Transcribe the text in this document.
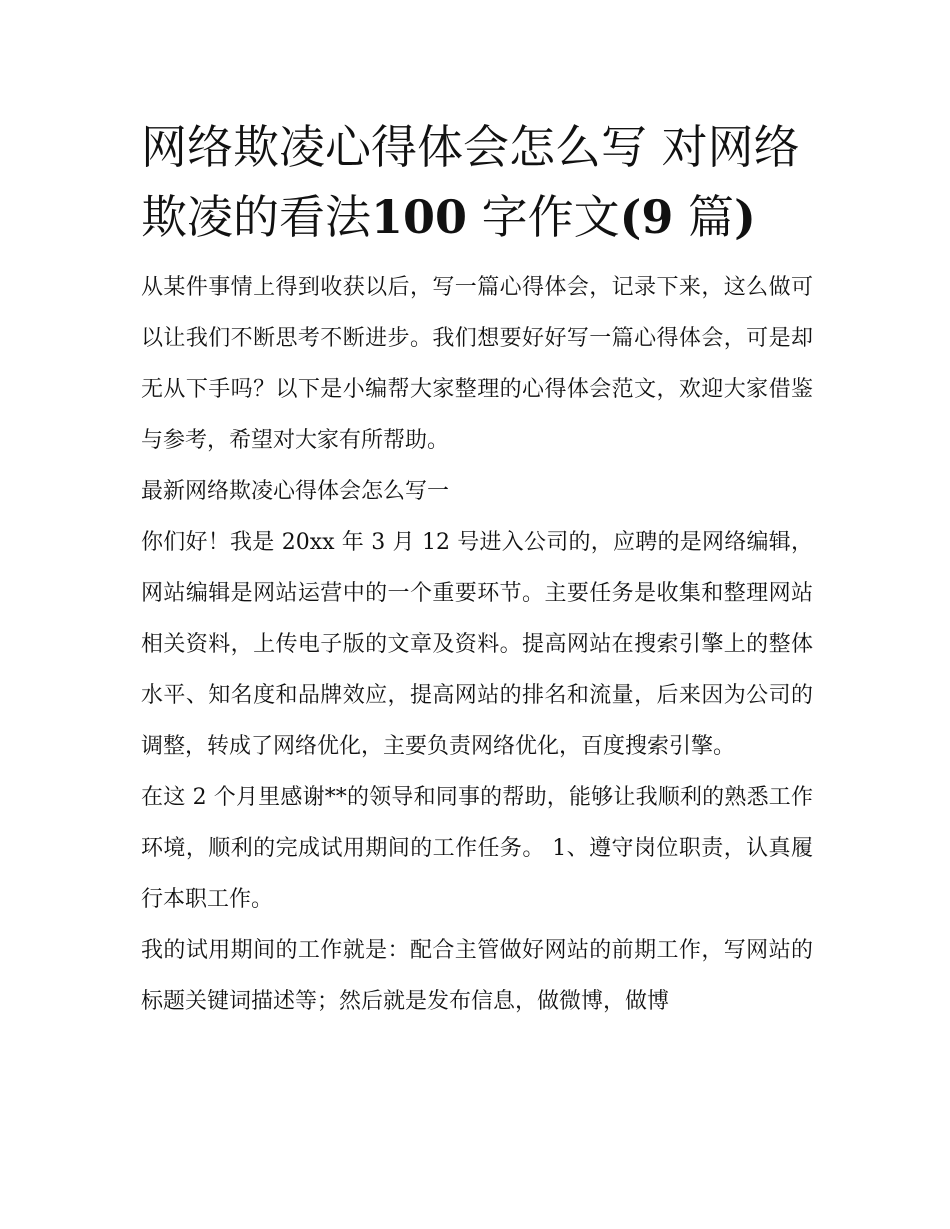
网络欺凌心得体会怎么写 对网络欺凌的看法100 字作文(9 篇)

从某件事情上得到收获以后，写一篇心得体会，记录下来，这么做可以让我们不断思考不断进步。我们想要好好写一篇心得体会，可是却无从下手吗？以下是小编帮大家整理的心得体会范文，欢迎大家借鉴与参考，希望对大家有所帮助。

最新网络欺凌心得体会怎么写一

你们好！我是 20xx 年 3 月 12 号进入公司的，应聘的是网络编辑，网站编辑是网站运营中的一个重要环节。主要任务是收集和整理网站相关资料，上传电子版的文章及资料。提高网站在搜索引擎上的整体水平、知名度和品牌效应，提高网站的排名和流量，后来因为公司的调整，转成了网络优化，主要负责网络优化，百度搜索引擎。

在这 2 个月里感谢**的领导和同事的帮助，能够让我顺利的熟悉工作环境，顺利的完成试用期间的工作任务。 1、遵守岗位职责，认真履行本职工作。

我的试用期间的工作就是：配合主管做好网站的前期工作，写网站的标题关键词描述等；然后就是发布信息，做微博，做博
